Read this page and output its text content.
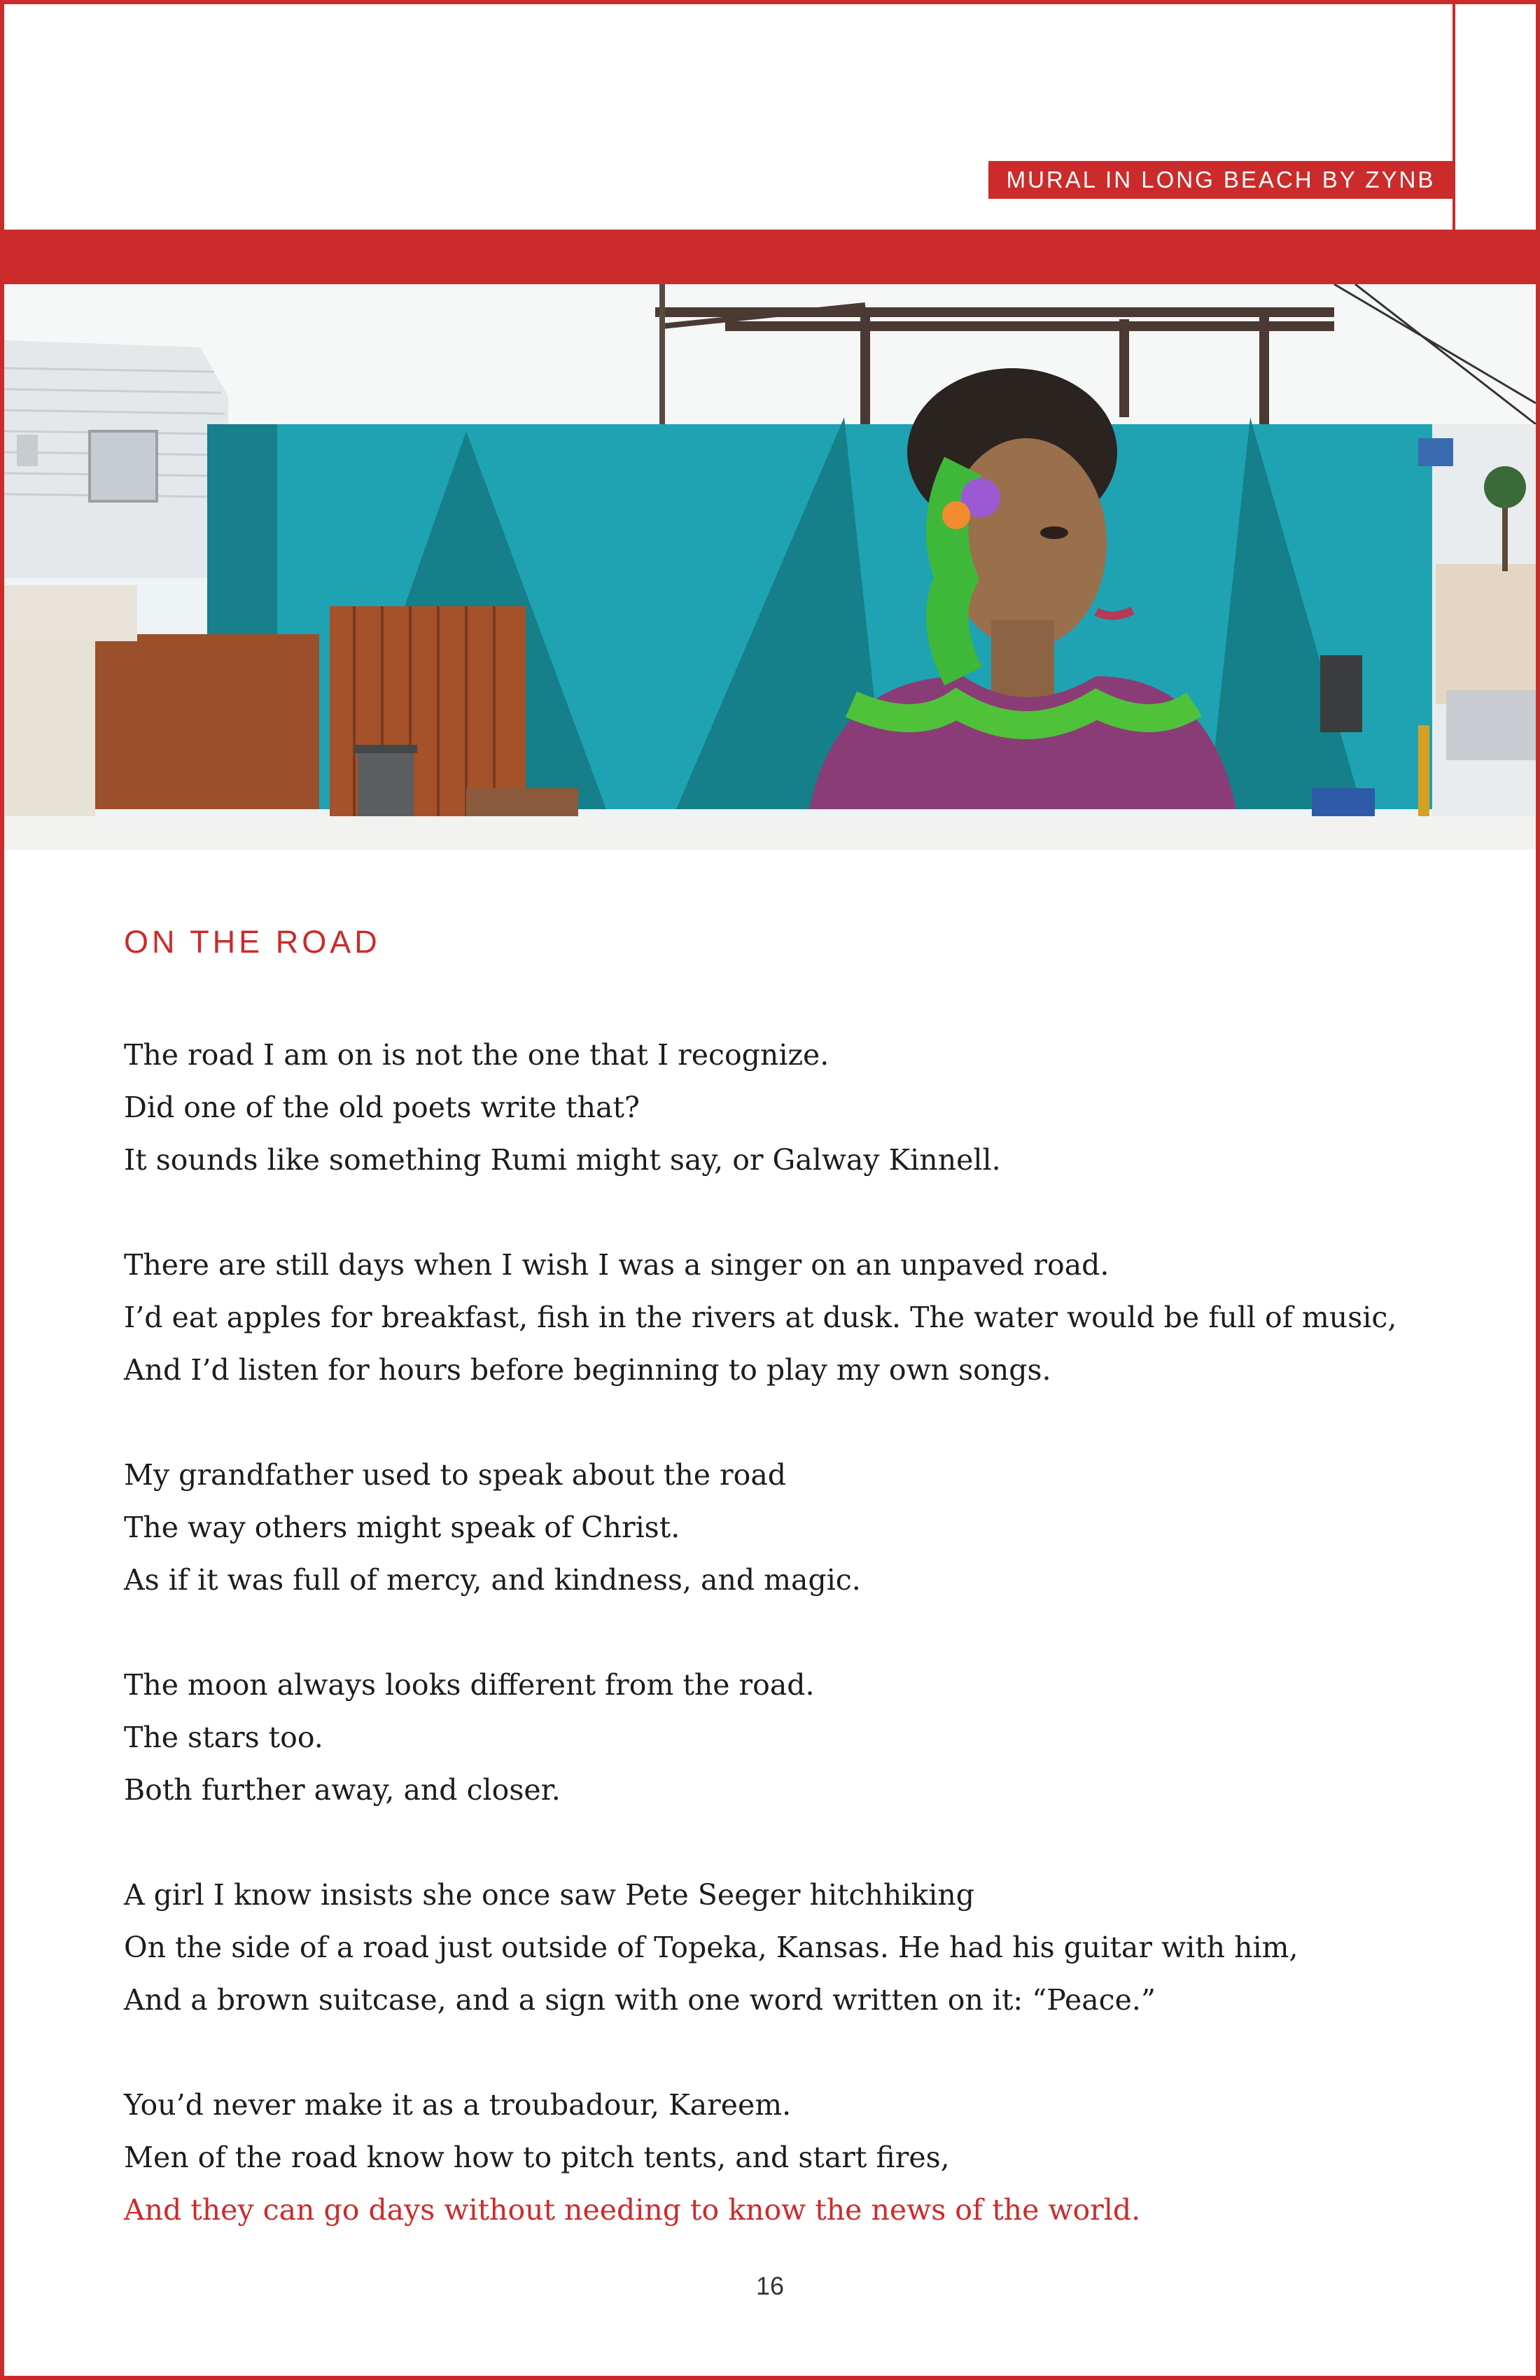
MURAL IN LONG BEACH BY ZYNB
ON THE ROAD
The road I am on is not the one that I recognize.
Did one of the old poets write that?
It sounds like something Rumi might say, or Galway Kinnell.
There are still days when I wish I was a singer on an unpaved road.
I’d eat apples for breakfast, fish in the rivers at dusk. The water would be full of music,
And I’d listen for hours before beginning to play my own songs.
My grandfather used to speak about the road
The way others might speak of Christ.
As if it was full of mercy, and kindness, and magic.
The moon always looks different from the road.
The stars too.
Both further away, and closer.
A girl I know insists she once saw Pete Seeger hitchhiking
On the side of a road just outside of Topeka, Kansas. He had his guitar with him,
And a brown suitcase, and a sign with one word written on it: “Peace.”
You’d never make it as a troubadour, Kareem.
Men of the road know how to pitch tents, and start fires,
And they can go days without needing to know the news of the world.
16
